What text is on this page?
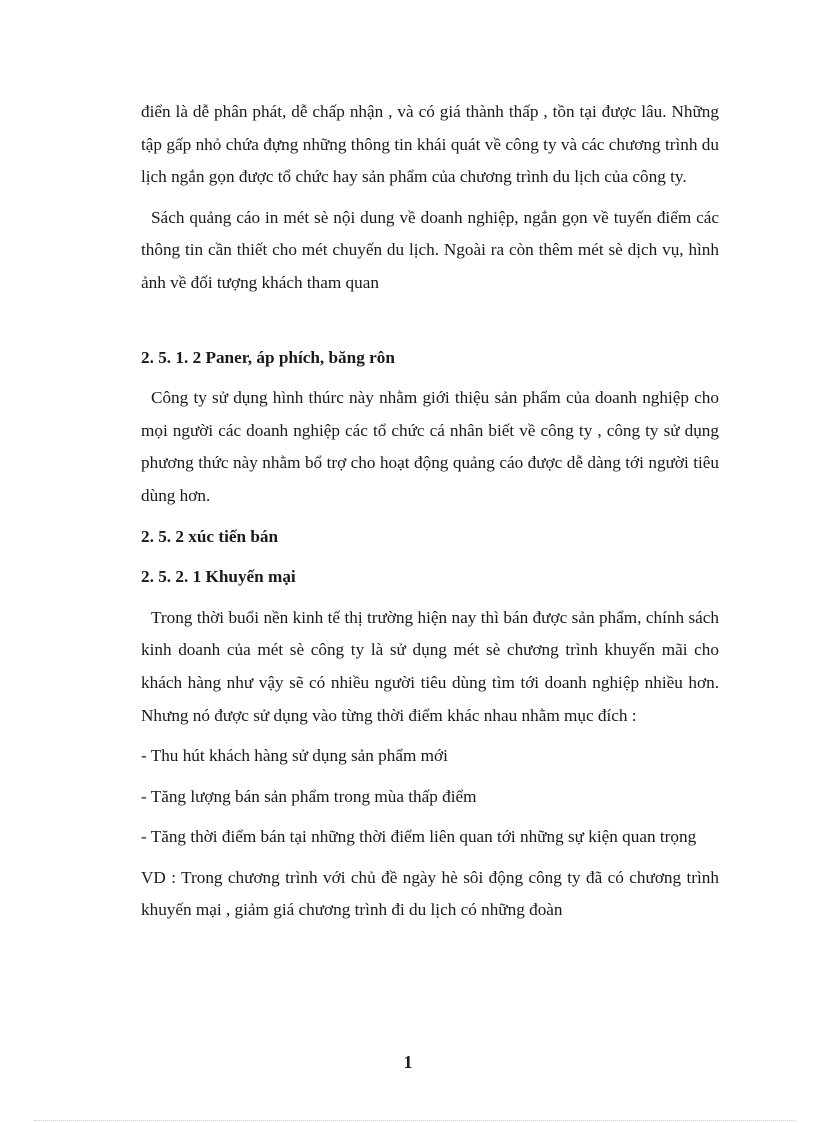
điển là dễ phân phát, dễ chấp nhận , và có giá thành thấp , tồn tại được lâu. Những tập gấp nhỏ chứa đựng những thông tin khái quát về công ty và các chương trình du lịch ngắn gọn được tổ chức hay sản phẩm của chương trình du lịch của công ty.

Sách quảng cáo in mét sè nội dung về doanh nghiệp, ngắn gọn về tuyến điểm các thông tin cần thiết cho mét chuyến du lịch. Ngoài ra còn thêm mét sè dịch vụ, hình ảnh về đối tượng khách tham quan

2. 5. 1. 2 Paner, áp phích, băng rôn

Công ty sử dụng hình thúrc này nhằm giới thiệu sản phẩm của doanh nghiệp cho mọi người các doanh nghiệp các tổ chức cá nhân biết về công ty , công ty sử dụng phương thức này nhằm bổ trợ cho hoạt động quảng cáo được dễ dàng tới người tiêu dùng hơn.

2. 5. 2 xúc tiến bán
2. 5. 2. 1 Khuyến mại

Trong thời buổi nền kinh tế thị trường hiện nay thì bán được sản phẩm, chính sách kinh doanh của mét sè công ty là sử dụng mét sè chương trình khuyến mãi cho khách hàng như vậy sẽ có nhiều người tiêu dùng tìm tới doanh nghiệp nhiều hơn. Nhưng nó được sử dụng vào từng thời điểm khác nhau nhằm mục đích :

- Thu hút khách hàng sử dụng sản phẩm mới

- Tăng lượng bán sản phẩm trong mùa thấp điểm

- Tăng thời điểm bán tại những thời điểm liên quan tới những sự kiện quan trọng

VD : Trong chương trình với chủ đề ngày hè sôi động công ty đã có chương trình khuyến mại , giảm giá chương trình đi du lịch có những đoàn

1
